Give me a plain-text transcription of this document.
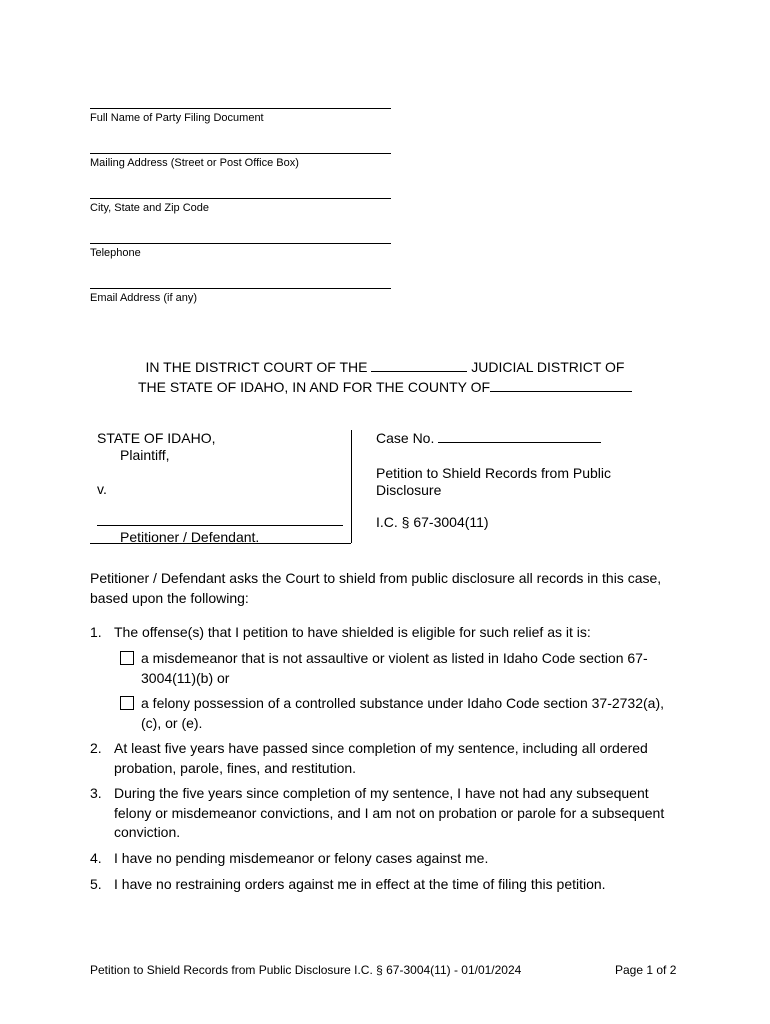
Full Name of Party Filing Document
Mailing Address (Street or Post Office Box)
City, State and Zip Code
Telephone
Email Address (if any)
IN THE DISTRICT COURT OF THE	JUDICIAL DISTRICT OF
THE STATE OF IDAHO, IN AND FOR THE COUNTY OF
STATE OF IDAHO,
Plaintiff,
v.
Petitioner / Defendant.
Case No.
Petition to Shield Records from Public
Disclosure
I.C. § 67-3004(11)
Petitioner / Defendant asks the Court to shield from public disclosure all records in this case, based upon the following:
1. The offense(s) that I petition to have shielded is eligible for such relief as it is:
a misdemeanor that is not assaultive or violent as listed in Idaho Code section 67-3004(11)(b) or
a felony possession of a controlled substance under Idaho Code section 37-2732(a), (c), or (e).
2. At least five years have passed since completion of my sentence, including all ordered probation, parole, fines, and restitution.
3. During the five years since completion of my sentence, I have not had any subsequent felony or misdemeanor convictions, and I am not on probation or parole for a subsequent conviction.
4. I have no pending misdemeanor or felony cases against me.
5. I have no restraining orders against me in effect at the time of filing this petition.
Petition to Shield Records from Public Disclosure I.C. § 67-3004(11) - 01/01/2024	Page 1 of 2
